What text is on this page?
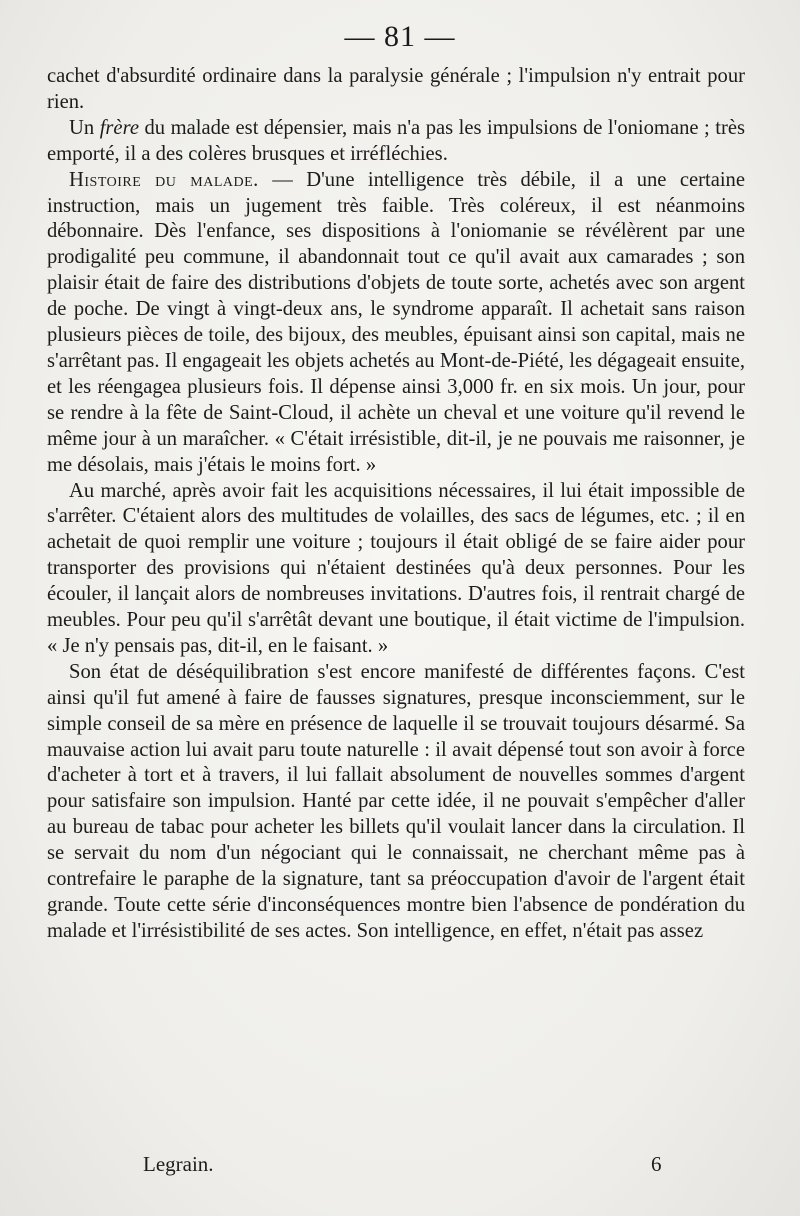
— 81 —

cachet d'absurdité ordinaire dans la paralysie générale ; l'impulsion n'y entrait pour rien.

Un frère du malade est dépensier, mais n'a pas les impulsions de l'oniomane ; très emporté, il a des colères brusques et irréfléchies.

Histoire du malade. — D'une intelligence très débile, il a une certaine instruction, mais un jugement très faible. Très coléreux, il est néanmoins débonnaire. Dès l'enfance, ses dispositions à l'oniomanie se révélèrent par une prodigalité peu commune, il abandonnait tout ce qu'il avait aux camarades ; son plaisir était de faire des distributions d'objets de toute sorte, achetés avec son argent de poche. De vingt à vingt-deux ans, le syndrome apparaît. Il achetait sans raison plusieurs pièces de toile, des bijoux, des meubles, épuisant ainsi son capital, mais ne s'arrêtant pas. Il engageait les objets achetés au Mont-de-Piété, les dégageait ensuite, et les réengagea plusieurs fois. Il dépense ainsi 3,000 fr. en six mois. Un jour, pour se rendre à la fête de Saint-Cloud, il achète un cheval et une voiture qu'il revend le même jour à un maraîcher. « C'était irrésistible, dit-il, je ne pouvais me raisonner, je me désolais, mais j'étais le moins fort. »

Au marché, après avoir fait les acquisitions nécessaires, il lui était impossible de s'arrêter. C'étaient alors des multitudes de volailles, des sacs de légumes, etc. ; il en achetait de quoi remplir une voiture ; toujours il était obligé de se faire aider pour transporter des provisions qui n'étaient destinées qu'à deux personnes. Pour les écouler, il lançait alors de nombreuses invitations. D'autres fois, il rentrait chargé de meubles. Pour peu qu'il s'arrêtât devant une boutique, il était victime de l'impulsion. « Je n'y pensais pas, dit-il, en le faisant. »

Son état de déséquilibration s'est encore manifesté de différentes façons. C'est ainsi qu'il fut amené à faire de fausses signatures, presque inconsciemment, sur le simple conseil de sa mère en présence de laquelle il se trouvait toujours désarmé. Sa mauvaise action lui avait paru toute naturelle : il avait dépensé tout son avoir à force d'acheter à tort et à travers, il lui fallait absolument de nouvelles sommes d'argent pour satisfaire son impulsion. Hanté par cette idée, il ne pouvait s'empêcher d'aller au bureau de tabac pour acheter les billets qu'il voulait lancer dans la circulation. Il se servait du nom d'un négociant qui le connaissait, ne cherchant même pas à contrefaire le paraphe de la signature, tant sa préoccupation d'avoir de l'argent était grande. Toute cette série d'inconséquences montre bien l'absence de pondération du malade et l'irrésistibilité de ses actes. Son intelligence, en effet, n'était pas assez

Legrain.	6
